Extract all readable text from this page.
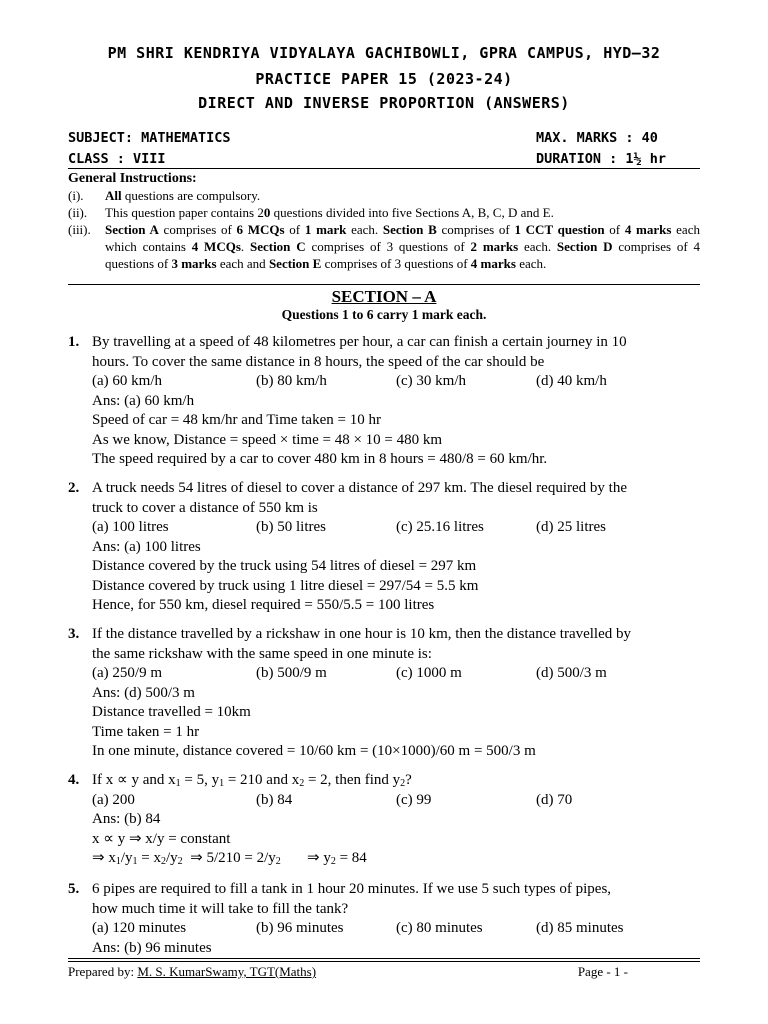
PM SHRI KENDRIYA VIDYALAYA GACHIBOWLI, GPRA CAMPUS, HYD–32
PRACTICE PAPER 15 (2023-24)
DIRECT AND INVERSE PROPORTION (ANSWERS)
SUBJECT: MATHEMATICS	MAX. MARKS : 40
CLASS : VIII	DURATION : 1½ hr
General Instructions:
(i). All questions are compulsory.
(ii). This question paper contains 20 questions divided into five Sections A, B, C, D and E.
(iii). Section A comprises of 6 MCQs of 1 mark each. Section B comprises of 1 CCT question of 4 marks each which contains 4 MCQs. Section C comprises of 3 questions of 2 marks each. Section D comprises of 4 questions of 3 marks each and Section E comprises of 3 questions of 4 marks each.
SECTION – A
Questions 1 to 6 carry 1 mark each.
1. By travelling at a speed of 48 kilometres per hour, a car can finish a certain journey in 10
hours. To cover the same distance in 8 hours, the speed of the car should be
(a) 60 km/h	(b) 80 km/h	(c) 30 km/h	(d) 40 km/h
Ans: (a) 60 km/h
Speed of car = 48 km/hr and Time taken = 10 hr
As we know, Distance = speed × time = 48 × 10 = 480 km
The speed required by a car to cover 480 km in 8 hours = 480/8 = 60 km/hr.
2. A truck needs 54 litres of diesel to cover a distance of 297 km. The diesel required by the
truck to cover a distance of 550 km is
(a) 100 litres	(b) 50 litres	(c) 25.16 litres	(d) 25 litres
Ans: (a) 100 litres
Distance covered by the truck using 54 litres of diesel = 297 km
Distance covered by truck using 1 litre diesel = 297/54 = 5.5 km
Hence, for 550 km, diesel required = 550/5.5 = 100 litres
3. If the distance travelled by a rickshaw in one hour is 10 km, then the distance travelled by
the same rickshaw with the same speed in one minute is:
(a) 250/9 m	(b) 500/9 m	(c) 1000 m	(d) 500/3 m
Ans: (d) 500/3 m
Distance travelled = 10km
Time taken = 1 hr
In one minute, distance covered = 10/60 km = (10×1000)/60 m = 500/3 m
4. If x ∝ y and $x_1 = 5$, $y_1 = 210$ and $x_2 = 2$, then find $y_2$?
(a) 200	(b) 84	(c) 99	(d) 70
Ans: (b) 84
x ∝ y ⇒ x/y = constant
⇒ $x_1/y_1 = x_2/y_2$  ⇒ $5/210 = 2/y_2$       ⇒ $y_2 = 84$
5. 6 pipes are required to fill a tank in 1 hour 20 minutes. If we use 5 such types of pipes,
how much time it will take to fill the tank?
(a) 120 minutes	(b) 96 minutes	(c) 80 minutes	(d) 85 minutes
Ans: (b) 96 minutes
Prepared by: M. S. KumarSwamy, TGT(Maths)	Page - 1 -
